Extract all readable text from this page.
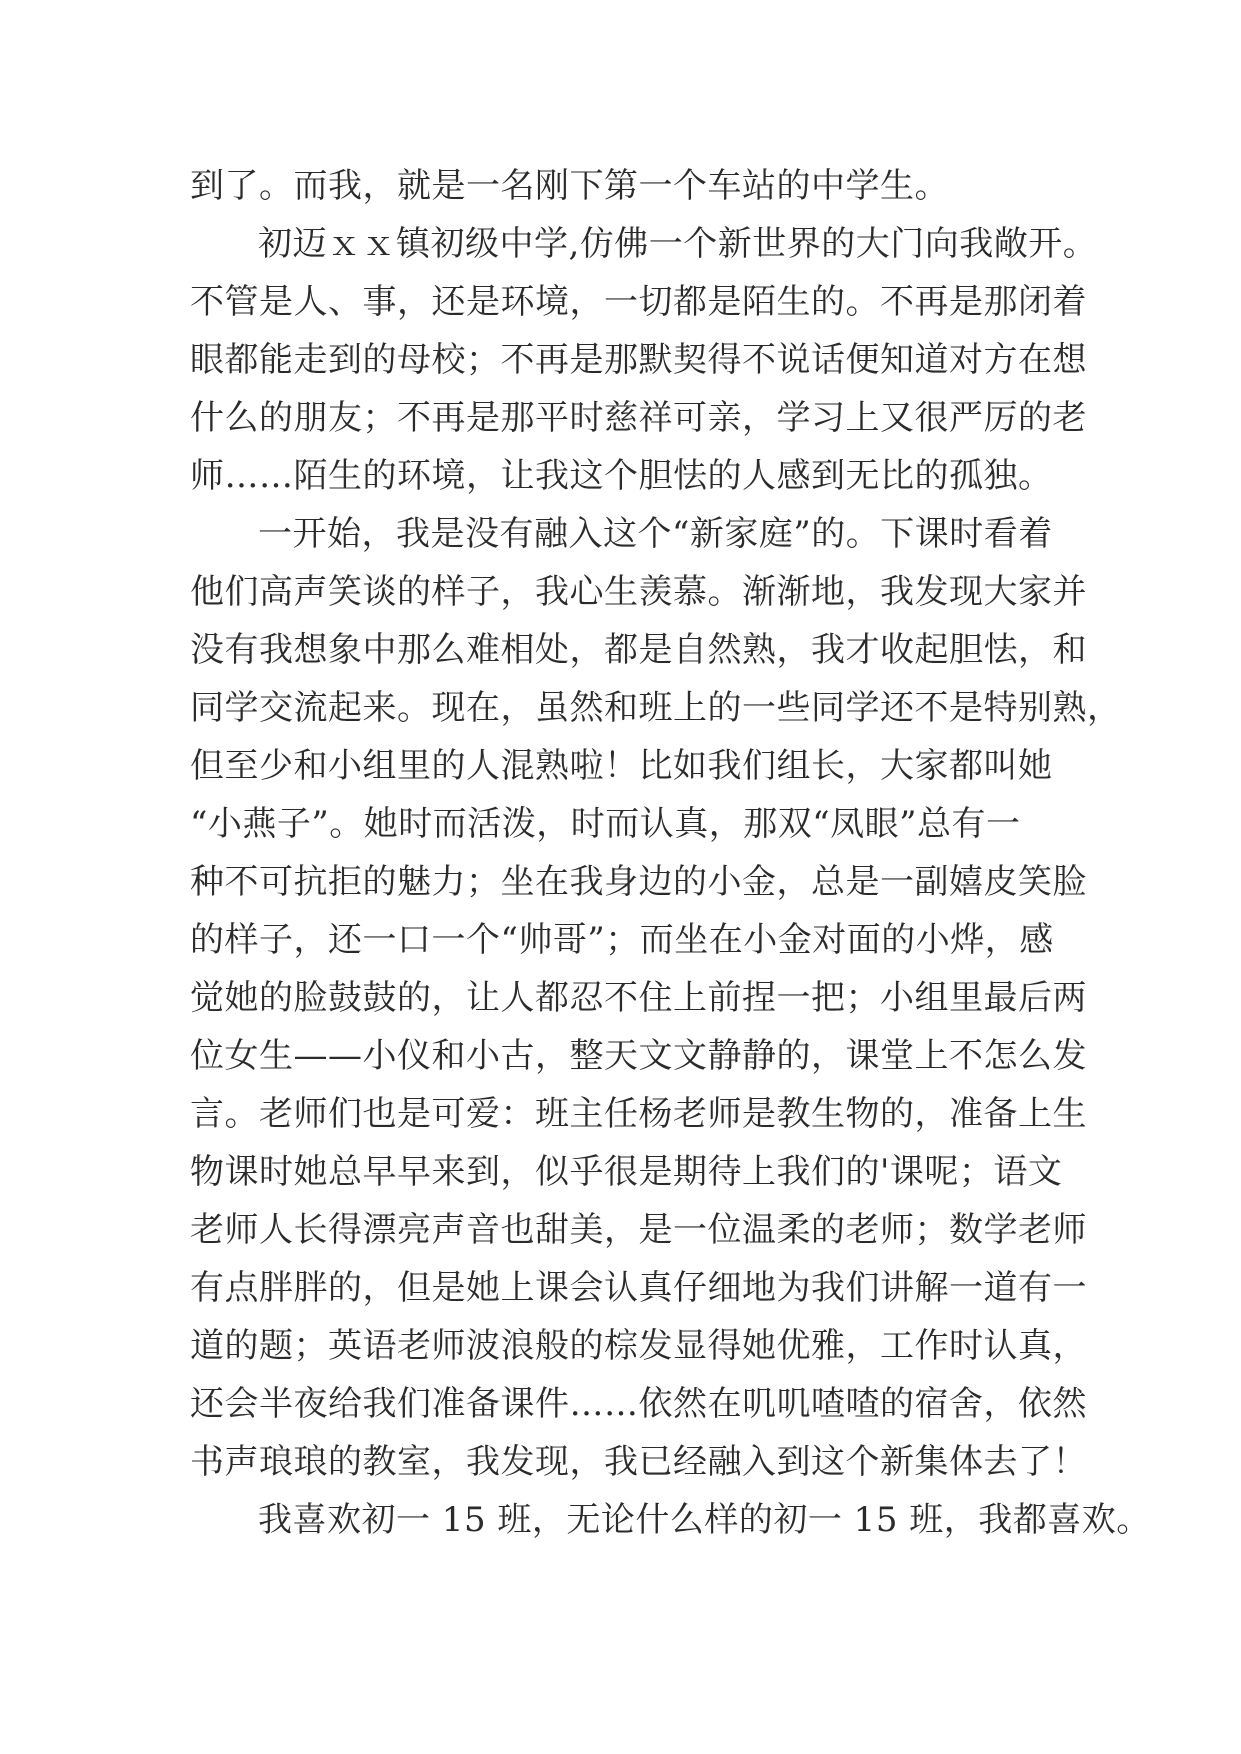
到了。而我，就是一名刚下第一个车站的中学生。
初迈ｘｘ镇初级中学,仿佛一个新世界的大门向我敞开。
不管是人、事，还是环境，一切都是陌生的。不再是那闭着
眼都能走到的母校；不再是那默契得不说话便知道对方在想
什么的朋友；不再是那平时慈祥可亲，学习上又很严厉的老
师……陌生的环境，让我这个胆怯的人感到无比的孤独。
一开始，我是没有融入这个“新家庭”的。下课时看着
他们高声笑谈的样子，我心生羡慕。渐渐地，我发现大家并
没有我想象中那么难相处，都是自然熟，我才收起胆怯，和
同学交流起来。现在，虽然和班上的一些同学还不是特别熟，
但至少和小组里的人混熟啦！比如我们组长，大家都叫她
“小燕子”。她时而活泼，时而认真，那双“凤眼”总有一
种不可抗拒的魅力；坐在我身边的小金，总是一副嬉皮笑脸
的样子，还一口一个“帅哥”；而坐在小金对面的小烨，感
觉她的脸鼓鼓的，让人都忍不住上前捏一把；小组里最后两
位女生——小仪和小古，整天文文静静的，课堂上不怎么发
言。老师们也是可爱：班主任杨老师是教生物的，准备上生
物课时她总早早来到，似乎很是期待上我们的'课呢；语文
老师人长得漂亮声音也甜美，是一位温柔的老师；数学老师
有点胖胖的，但是她上课会认真仔细地为我们讲解一道有一
道的题；英语老师波浪般的棕发显得她优雅，工作时认真，
还会半夜给我们准备课件……依然在叽叽喳喳的宿舍，依然
书声琅琅的教室，我发现，我已经融入到这个新集体去了！
我喜欢初一 15 班，无论什么样的初一 15 班，我都喜欢。
